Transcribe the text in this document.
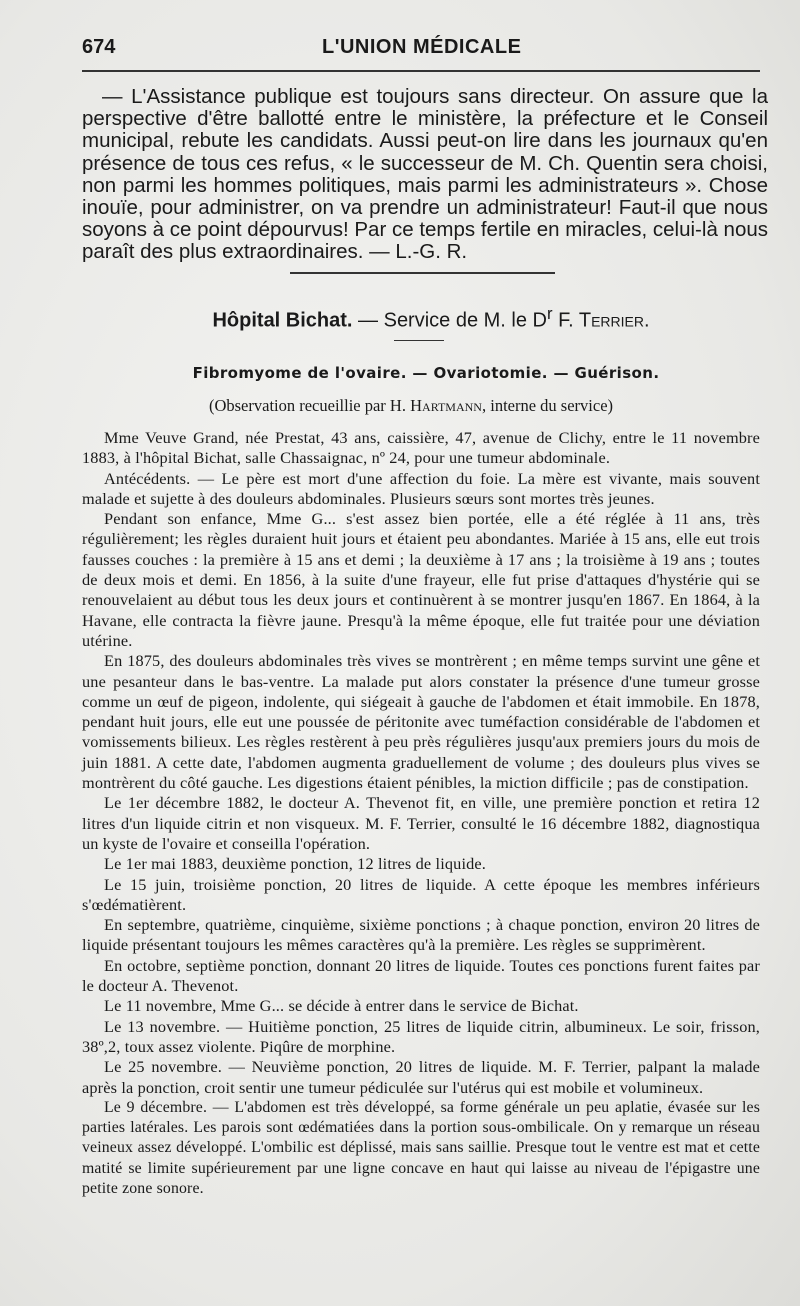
674	L'UNION MÉDICALE
— L'Assistance publique est toujours sans directeur. On assure que la perspective d'être ballotté entre le ministère, la préfecture et le Conseil municipal, rebute les candidats. Aussi peut-on lire dans les journaux qu'en présence de tous ces refus, « le successeur de M. Ch. Quentin sera choisi, non parmi les hommes politiques, mais parmi les administrateurs ». Chose inouïe, pour administrer, on va prendre un administrateur! Faut-il que nous soyons à ce point dépourvus! Par ce temps fertile en miracles, celui-là nous paraît des plus extraordinaires. — L.-G. R.
Hôpital Bichat. — Service de M. le $D^r$ F. Terrier.
Fibromyome de l'ovaire. — Ovariotomie. — Guérison.
(Observation recueillie par H. Hartmann, interne du service)

Mme Veuve Grand, née Prestat, 43 ans, caissière, 47, avenue de Clichy, entre le 11 novembre 1883, à l'hôpital Bichat, salle Chassaignac, nº 24, pour une tumeur abdominale.

Antécédents. — Le père est mort d'une affection du foie. La mère est vivante, mais souvent malade et sujette à des douleurs abdominales. Plusieurs sœurs sont mortes très jeunes.

Pendant son enfance, Mme G... s'est assez bien portée, elle a été réglée à 11 ans, très régulièrement; les règles duraient huit jours et étaient peu abondantes. Mariée à 15 ans, elle eut trois fausses couches : la première à 15 ans et demi ; la deuxième à 17 ans ; la troisième à 19 ans ; toutes de deux mois et demi. En 1856, à la suite d'une frayeur, elle fut prise d'attaques d'hystérie qui se renouvelaient au début tous les deux jours et continuèrent à se montrer jusqu'en 1867. En 1864, à la Havane, elle contracta la fièvre jaune. Presqu'à la même époque, elle fut traitée pour une déviation utérine.

En 1875, des douleurs abdominales très vives se montrèrent ; en même temps survint une gêne et une pesanteur dans le bas-ventre. La malade put alors constater la présence d'une tumeur grosse comme un œuf de pigeon, indolente, qui siégeait à gauche de l'abdomen et était immobile. En 1878, pendant huit jours, elle eut une poussée de péritonite avec tuméfaction considérable de l'abdomen et vomissements bilieux. Les règles restèrent à peu près régulières jusqu'aux premiers jours du mois de juin 1881. A cette date, l'abdomen augmenta graduellement de volume ; des douleurs plus vives se montrèrent du côté gauche. Les digestions étaient pénibles, la miction difficile ; pas de constipation.

Le 1er décembre 1882, le docteur A. Thevenot fit, en ville, une première ponction et retira 12 litres d'un liquide citrin et non visqueux. M. F. Terrier, consulté le 16 décembre 1882, diagnostiqua un kyste de l'ovaire et conseilla l'opération.

Le 1er mai 1883, deuxième ponction, 12 litres de liquide.

Le 15 juin, troisième ponction, 20 litres de liquide. A cette époque les membres inférieurs s'œdématièrent.

En septembre, quatrième, cinquième, sixième ponctions ; à chaque ponction, environ 20 litres de liquide présentant toujours les mêmes caractères qu'à la première. Les règles se supprimèrent.

En octobre, septième ponction, donnant 20 litres de liquide. Toutes ces ponctions furent faites par le docteur A. Thevenot.

Le 11 novembre, Mme G... se décide à entrer dans le service de Bichat.

Le 13 novembre. — Huitième ponction, 25 litres de liquide citrin, albumineux. Le soir, frisson, 38º,2, toux assez violente. Piqûre de morphine.

Le 25 novembre. — Neuvième ponction, 20 litres de liquide. M. F. Terrier, palpant la malade après la ponction, croit sentir une tumeur pédiculée sur l'utérus qui est mobile et volumineux.

Le 9 décembre. — L'abdomen est très développé, sa forme générale un peu aplatie, évasée sur les parties latérales. Les parois sont œdématiées dans la portion sous-ombilicale. On y remarque un réseau veineux assez développé. L'ombilic est déplissé, mais sans saillie. Presque tout le ventre est mat et cette matité se limite supérieurement par une ligne concave en haut qui laisse au niveau de l'épigastre une petite zone sonore.
